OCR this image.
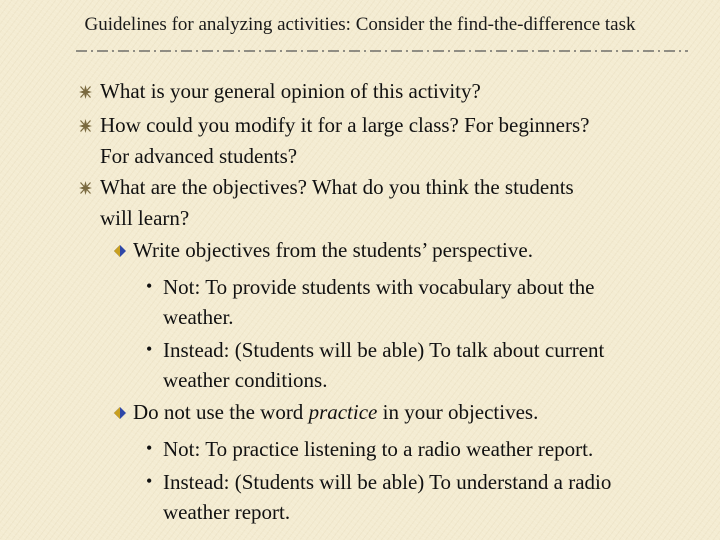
Guidelines for analyzing activities: Consider the find-the-difference task
What is your general opinion of this activity?
How could you modify it for a large class? For beginners?
For advanced students?
What are the objectives? What do you think the students
will learn?
Write objectives from the students’ perspective.
• Not: To provide students with vocabulary about the
weather.
• Instead: (Students will be able) To talk about current
weather conditions.
Do not use the word practice in your objectives.
• Not: To practice listening to a radio weather report.
• Instead: (Students will be able) To understand a radio
weather report.
